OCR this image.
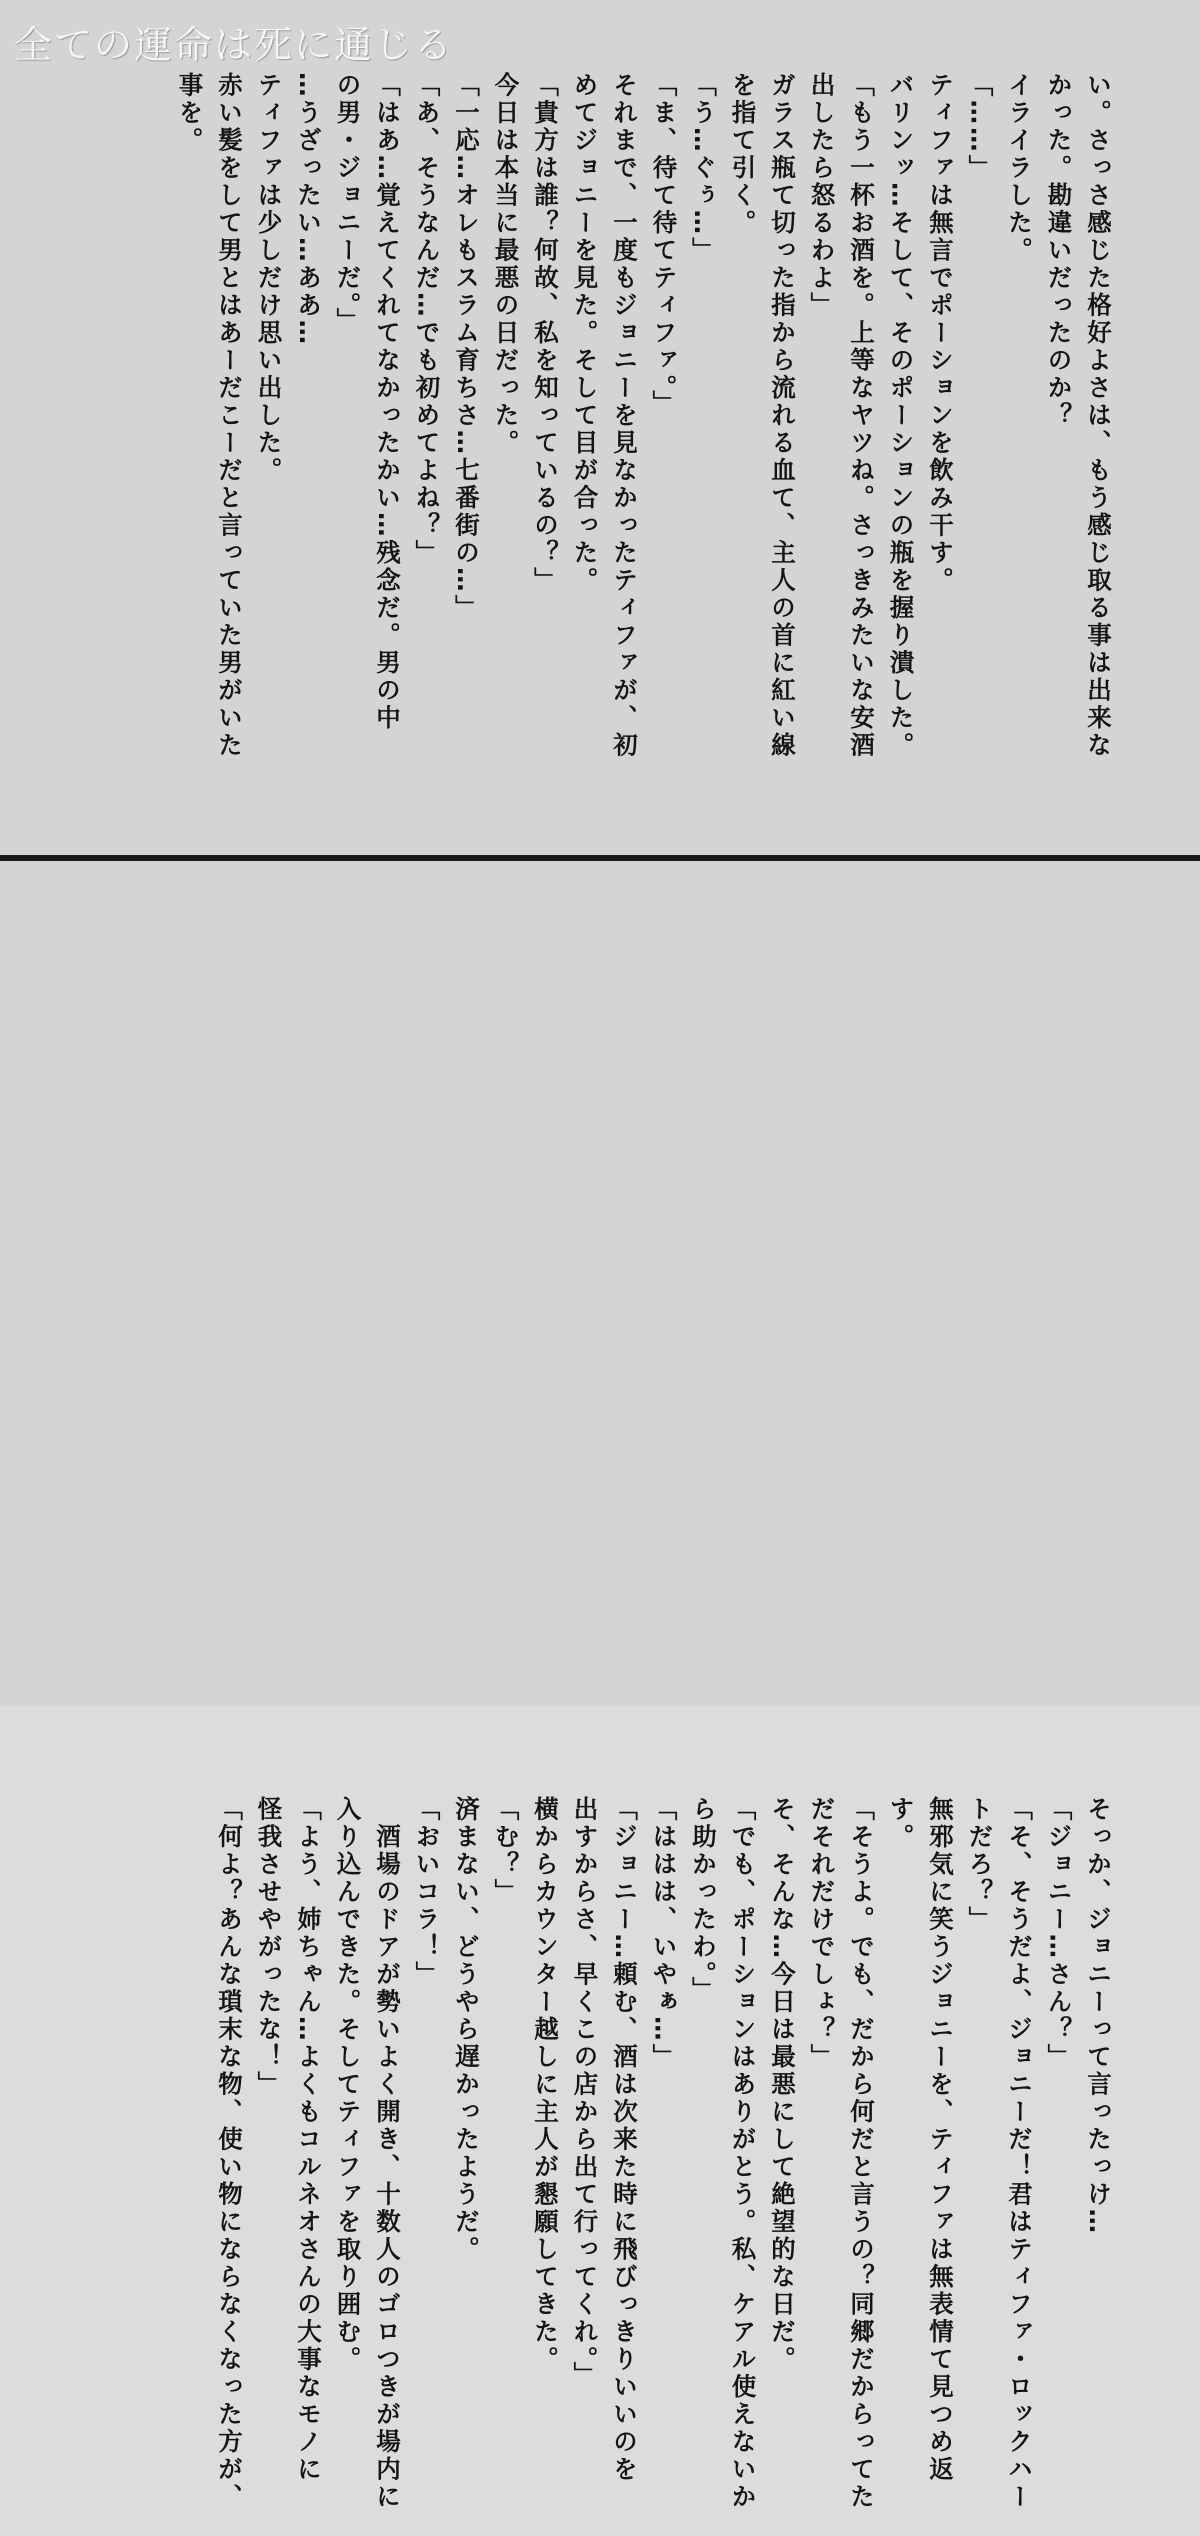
全ての運命は死に通じる
い。さっさ感じた格好よさは、もう感じ取る事は出来な
かった。勘違いだったのか？
イライラした。
「……」
ティファは無言でポーションを飲み干す。
バリンッ…そして、そのポーションの瓶を握り潰した。
「もう一杯お酒を。上等なヤツね。さっきみたいな安酒
出したら怒るわよ」
ガラス瓶て切った指から流れる血て、主人の首に紅い線
を指て引く。
「う…ぐぅ…」
「ま、待て待てティファ。」
それまで、一度もジョニーを見なかったティファが、初
めてジョニーを見た。そして目が合った。
「貴方は誰？何故、私を知っているの？」
今日は本当に最悪の日だった。
「一応…オレもスラム育ちさ…七番街の…」
「あ、そうなんだ…でも初めてよね？」
「はあ…覚えてくれてなかったかい…残念だ。男の中
の男・ジョニーだ。」
…うざったい…ああ…
ティファは少しだけ思い出した。
赤い髪をして男とはあーだこーだと言っていた男がいた
事を。
そっか、ジョニーって言ったっけ…
「ジョニー…さん？」
「そ、そうだよ、ジョニーだ！君はティファ・ロックハー
トだろ？」
無邪気に笑うジョニーを、ティファは無表情て見つめ返
す。
「そうよ。でも、だから何だと言うの？同郷だからってた
だそれだけでしょ？」
そ、そんな…今日は最悪にして絶望的な日だ。
「でも、ポーションはありがとう。私、ケアル使えないか
ら助かったわ。」
「ははは、いやぁ…」
「ジョニー…頼む、酒は次来た時に飛びっきりいいのを
出すからさ、早くこの店から出て行ってくれ。」
横からカウンター越しに主人が懇願してきた。
「む？」
済まない、どうやら遅かったようだ。
「おいコラ！」
　酒場のドアが勢いよく開き、十数人のゴロつきが場内に
入り込んできた。そしてティファを取り囲む。
「よう、姉ちゃん…よくもコルネオさんの大事なモノに
怪我させやがったな！」
「何よ？あんな瑣末な物、使い物にならなくなった方が、
